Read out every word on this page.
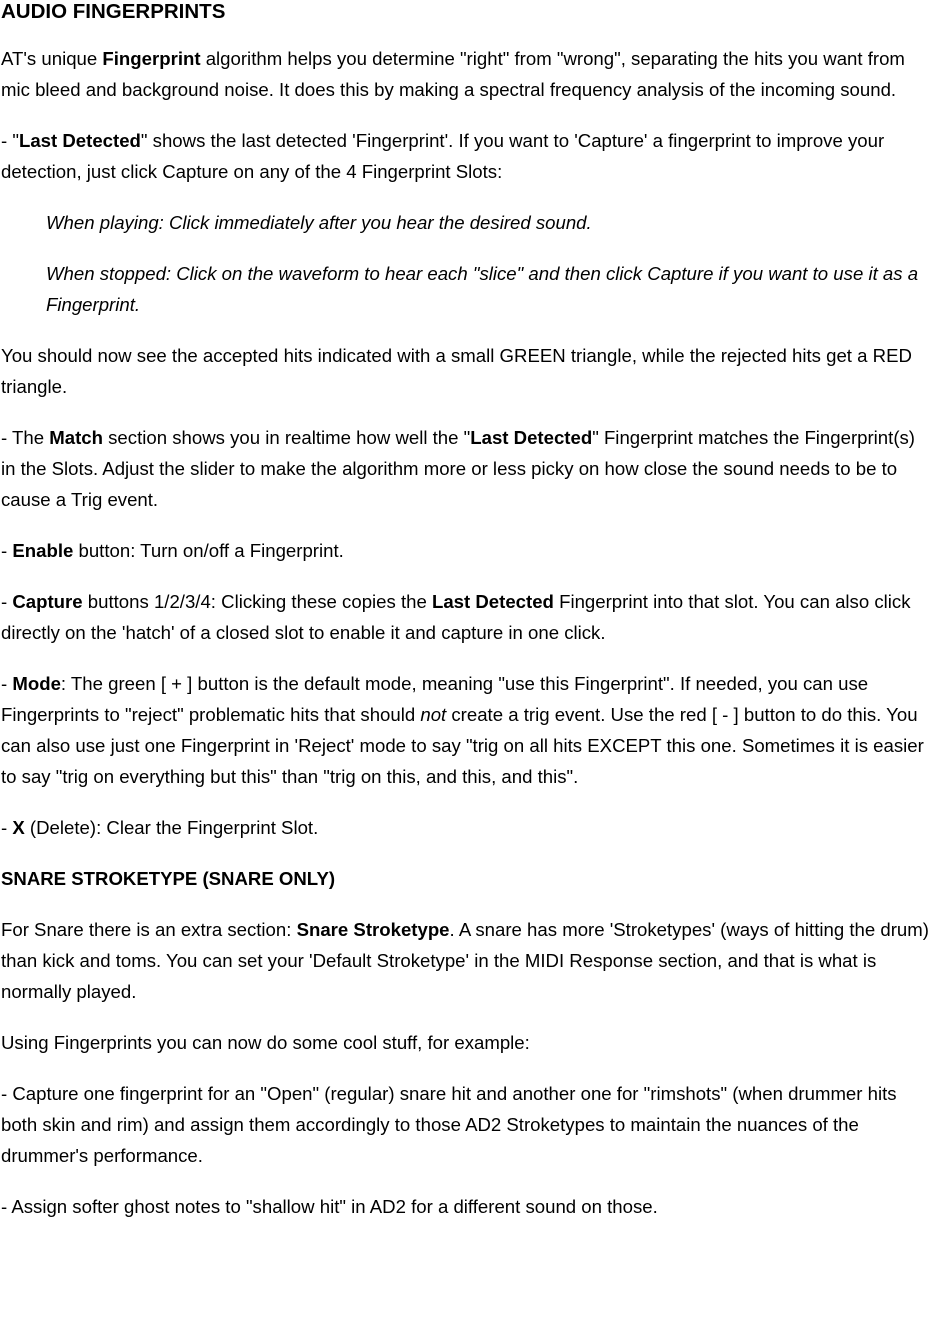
AUDIO FINGERPRINTS

AT's unique Fingerprint algorithm helps you determine "right" from "wrong", separating the hits you want from mic bleed and background noise. It does this by making a spectral frequency analysis of the incoming sound.

- "Last Detected" shows the last detected 'Fingerprint'. If you want to 'Capture' a fingerprint to improve your detection, just click Capture on any of the 4 Fingerprint Slots:

When playing: Click immediately after you hear the desired sound.

When stopped: Click on the waveform to hear each "slice" and then click Capture if you want to use it as a Fingerprint.

You should now see the accepted hits indicated with a small GREEN triangle, while the rejected hits get a RED triangle.

- The Match section shows you in realtime how well the "Last Detected" Fingerprint matches the Fingerprint(s) in the Slots. Adjust the slider to make the algorithm more or less picky on how close the sound needs to be to cause a Trig event.

- Enable button: Turn on/off a Fingerprint.

- Capture buttons 1/2/3/4: Clicking these copies the Last Detected Fingerprint into that slot. You can also click directly on the 'hatch' of a closed slot to enable it and capture in one click.

- Mode: The green [ + ] button is the default mode, meaning "use this Fingerprint". If needed, you can use Fingerprints to "reject" problematic hits that should not create a trig event. Use the red [ - ] button to do this. You can also use just one Fingerprint in 'Reject' mode to say "trig on all hits EXCEPT this one. Sometimes it is easier to say "trig on everything but this" than "trig on this, and this, and this".

- X (Delete): Clear the Fingerprint Slot.

SNARE STROKETYPE (SNARE ONLY)

For Snare there is an extra section: Snare Stroketype. A snare has more 'Stroketypes' (ways of hitting the drum) than kick and toms. You can set your 'Default Stroketype' in the MIDI Response section, and that is what is normally played.

Using Fingerprints you can now do some cool stuff, for example:

- Capture one fingerprint for an "Open" (regular) snare hit and another one for "rimshots" (when drummer hits both skin and rim) and assign them accordingly to those AD2 Stroketypes to maintain the nuances of the drummer's performance.

- Assign softer ghost notes to "shallow hit" in AD2 for a different sound on those.
